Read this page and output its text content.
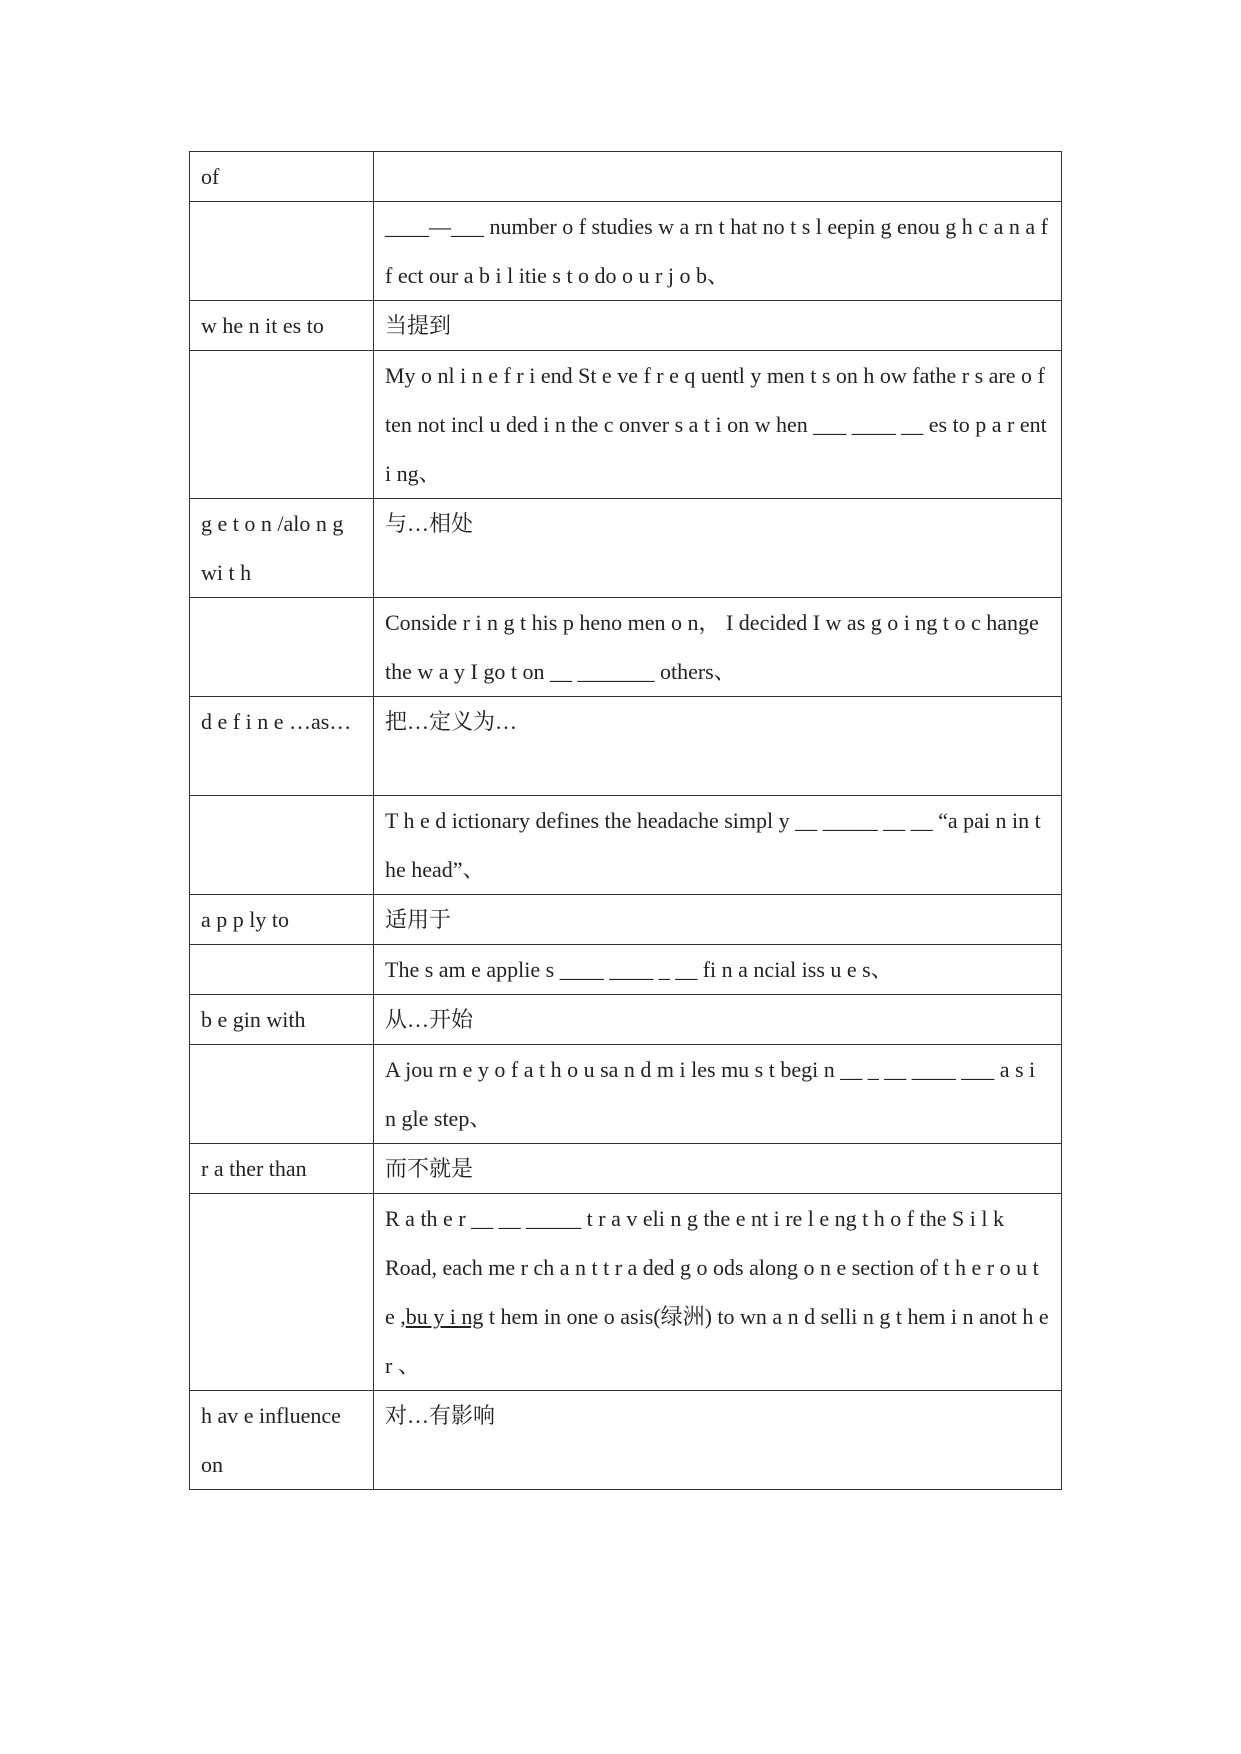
of	
	____—___ number o f studies w a rn t hat no t s l eepin g enou g h c a n a f f ect our a b i l itie s t o do o u r j o b、
w he n it es to	当提到
	My o nl i n e f r i end St e ve f r e q uentl y men t s on h ow fathe r s are o f ten not incl u ded i n the c onver s a t i on w hen ___ ____ __ es to p a r ent i ng、
g e t o n /alo n g wi t h	与…相处
	Conside r i n g t his p heno men o n， I decided I w as g o i ng t o c hange the w a y I go t on __ _______ others、
d e f i n e …as…	把…定义为…
	T h e d ictionary defines the headache simpl y __ _____ __ __ “a pai n in t he head”、
a p p ly to	适用于
	The s am e applie s ____ ____ _ __ fi n a ncial iss u e s、
b e gin with	从…开始
	A jou rn e y o f a t h o u sa n d m i les mu s t begi n __ _ __ ____ ___ a s i n gle step、
r a ther than	而不就是
	R a th e r __ __ _____ t r a v eli n g the e nt i re l e ng t h o f the S i l k Road, each me r ch a n t t r a ded g o ods along o n e section of t h e r o u t e ,bu y i ng t hem in one o asis(绿洲) to wn a n d selli n g t hem i n anot h e r 、
h av e influence on	对…有影响
